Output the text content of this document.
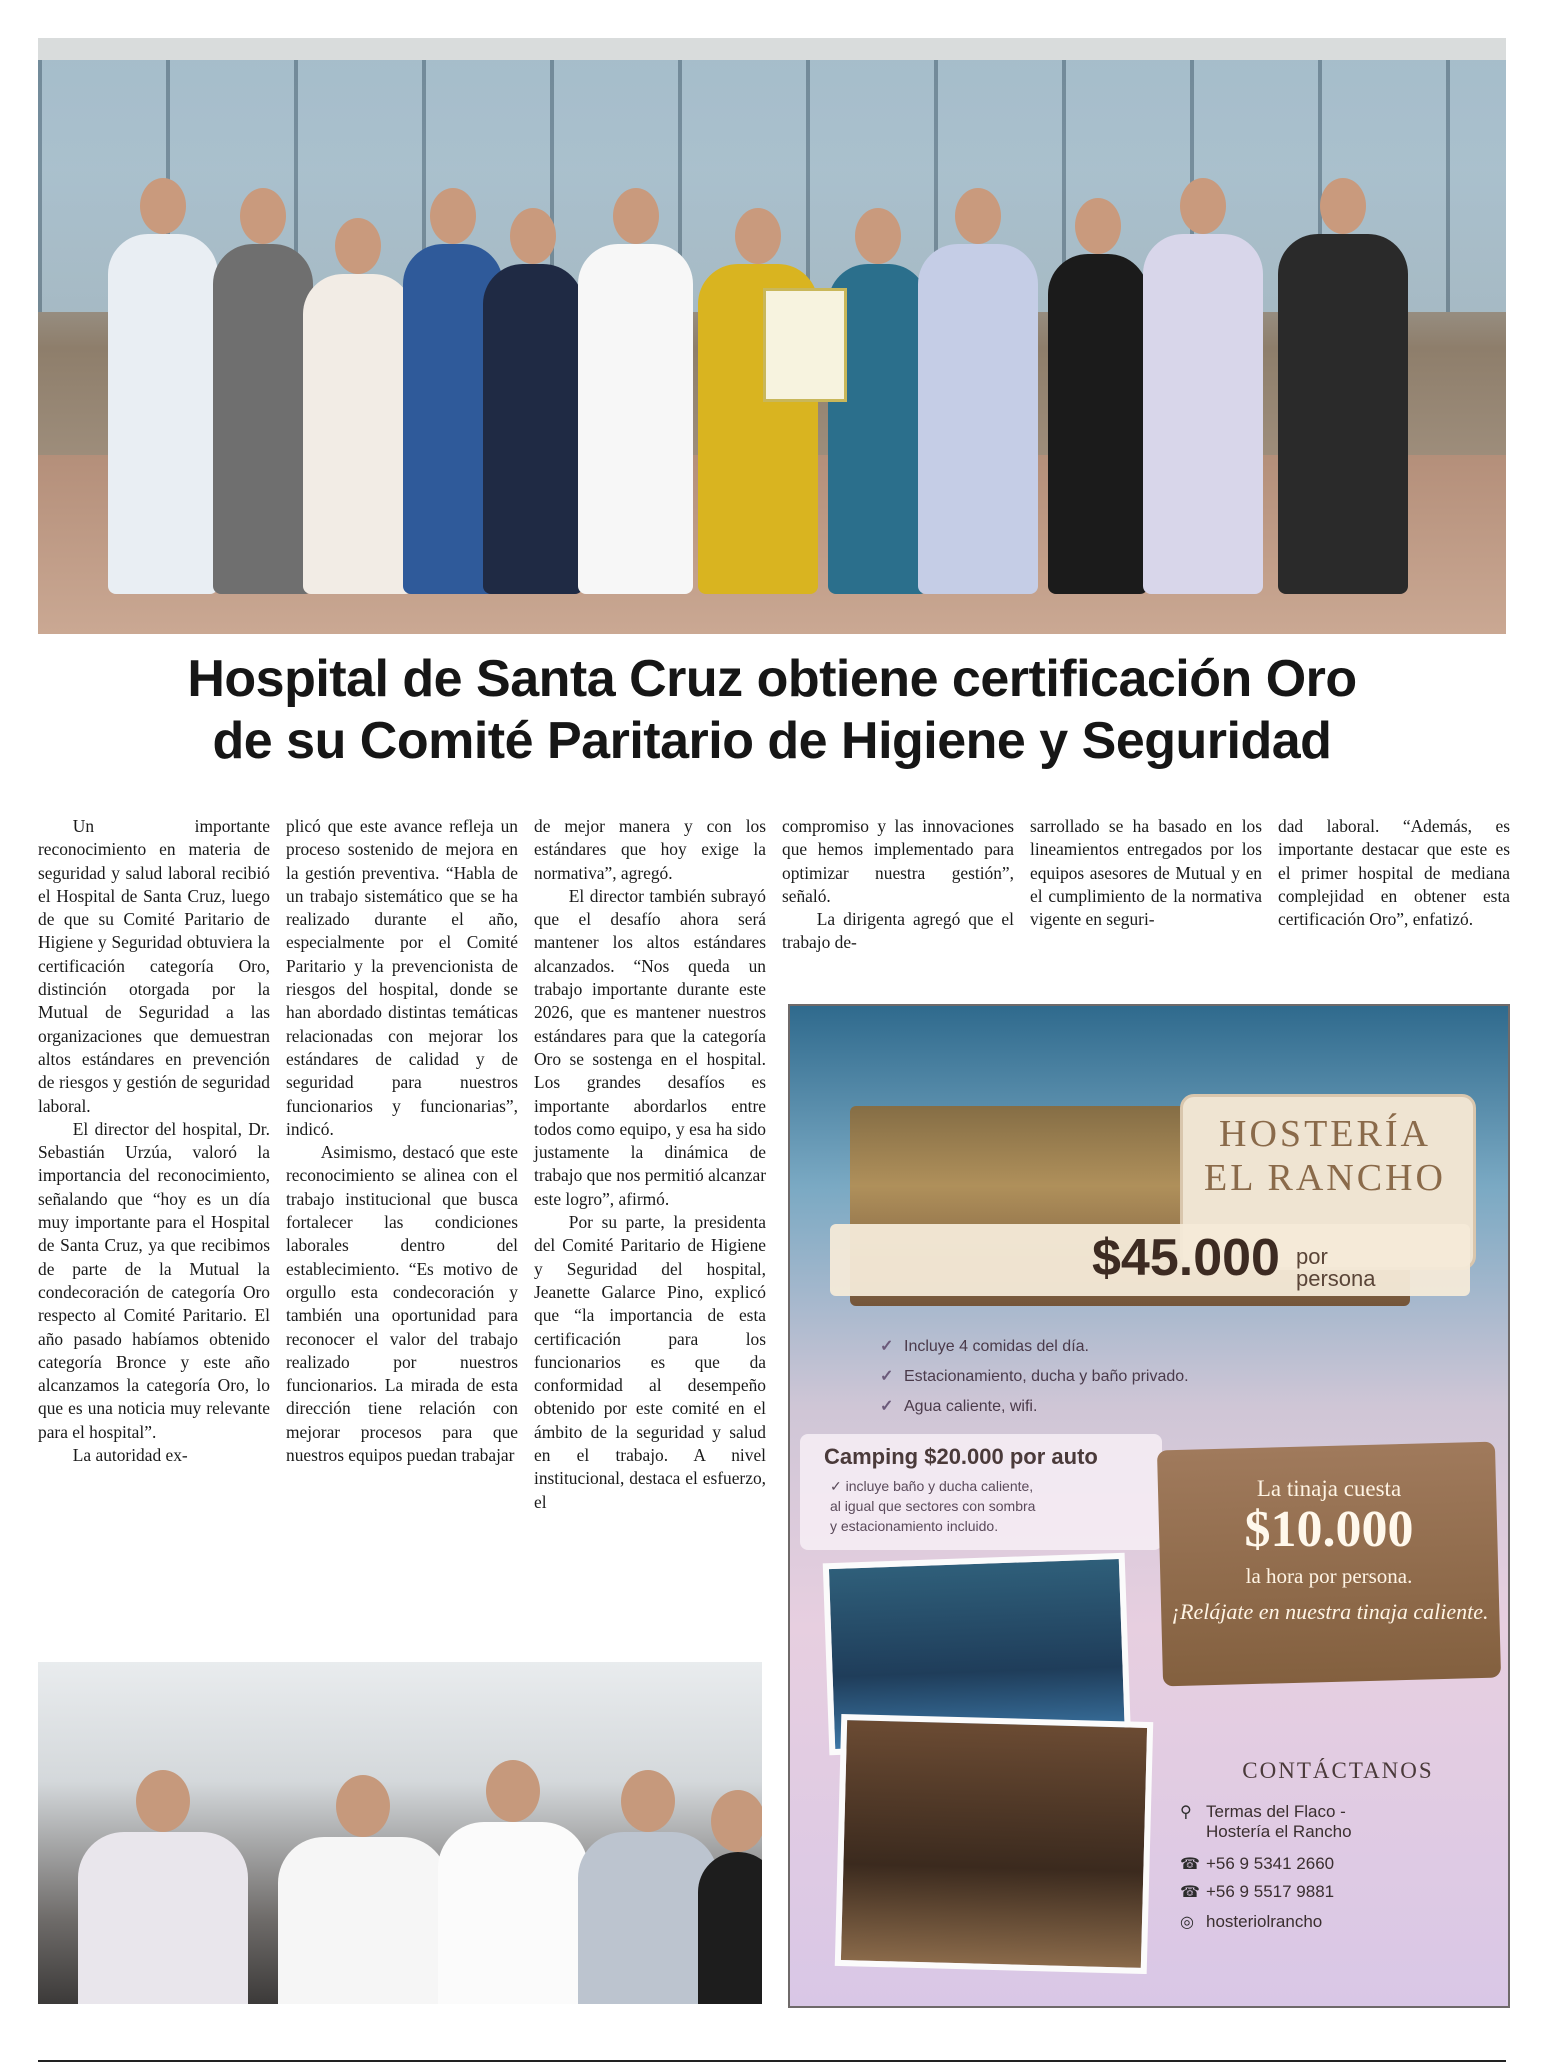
Hospital de Santa Cruz obtiene certificación Oro
de su Comité Paritario de Higiene y Seguridad

Un importante reconocimiento en materia de seguridad y salud laboral recibió el Hospital de Santa Cruz, luego de que su Comité Paritario de Higiene y Seguridad obtuviera la certificación categoría Oro, distinción otorgada por la Mutual de Seguridad a las organizaciones que demuestran altos estándares en prevención de riesgos y gestión de seguridad laboral.

El director del hospital, Dr. Sebastián Urzúa, valoró la importancia del reconocimiento, señalando que “hoy es un día muy importante para el Hospital de Santa Cruz, ya que recibimos de parte de la Mutual la condecoración de categoría Oro respecto al Comité Paritario. El año pasado habíamos obtenido categoría Bronce y este año alcanzamos la categoría Oro, lo que es una noticia muy relevante para el hospital”.

La autoridad ex-

plicó que este avance refleja un proceso sostenido de mejora en la gestión preventiva. “Habla de un trabajo sistemático que se ha realizado durante el año, especialmente por el Comité Paritario y la prevencionista de riesgos del hospital, donde se han abordado distintas temáticas relacionadas con mejorar los estándares de calidad y de seguridad para nuestros funcionarios y funcionarias”, indicó.

Asimismo, destacó que este reconocimiento se alinea con el trabajo institucional que busca fortalecer las condiciones laborales dentro del establecimiento. “Es motivo de orgullo esta condecoración y también una oportunidad para reconocer el valor del trabajo realizado por nuestros funcionarios. La mirada de esta dirección tiene relación con mejorar procesos para que nuestros equipos puedan trabajar

de mejor manera y con los estándares que hoy exige la normativa”, agregó.

El director también subrayó que el desafío ahora será mantener los altos estándares alcanzados. “Nos queda un trabajo importante durante este 2026, que es mantener nuestros estándares para que la categoría Oro se sostenga en el hospital. Los grandes desafíos es importante abordarlos entre todos como equipo, y esa ha sido justamente la dinámica de trabajo que nos permitió alcanzar este logro”, afirmó.

Por su parte, la presidenta del Comité Paritario de Higiene y Seguridad del hospital, Jeanette Galarce Pino, explicó que “la importancia de esta certificación para los funcionarios es que da conformidad al desempeño obtenido por este comité en el ámbito de la seguridad y salud en el trabajo. A nivel institucional, destaca el esfuerzo, el

compromiso y las innovaciones que hemos implementado para optimizar nuestra gestión”, señaló.

La dirigenta agregó que el trabajo de-

sarrollado se ha basado en los lineamientos entregados por los equipos asesores de Mutual y en el cumplimiento de la normativa vigente en seguri-

dad laboral. “Además, es importante destacar que este es el primer hospital de mediana complejidad en obtener esta certificación Oro”, enfatizó.

HOSTERÍA
EL RANCHO
$45.000 por
persona
✓ Incluye 4 comidas del día.
✓ Estacionamiento, ducha y baño privado.
✓ Agua caliente, wifi.
Camping $20.000 por auto
✓ incluye baño y ducha caliente,
al igual que sectores con sombra
y estacionamiento incluido.
La tinaja cuesta
$10.000
la hora por persona.
¡Relájate en nuestra tinaja caliente.
CONTÁCTANOS
⚲ Termas del Flaco -
Hostería el Rancho
☎ +56 9 5341 2660
☎ +56 9 5517 9881
◎ hosteriolrancho
